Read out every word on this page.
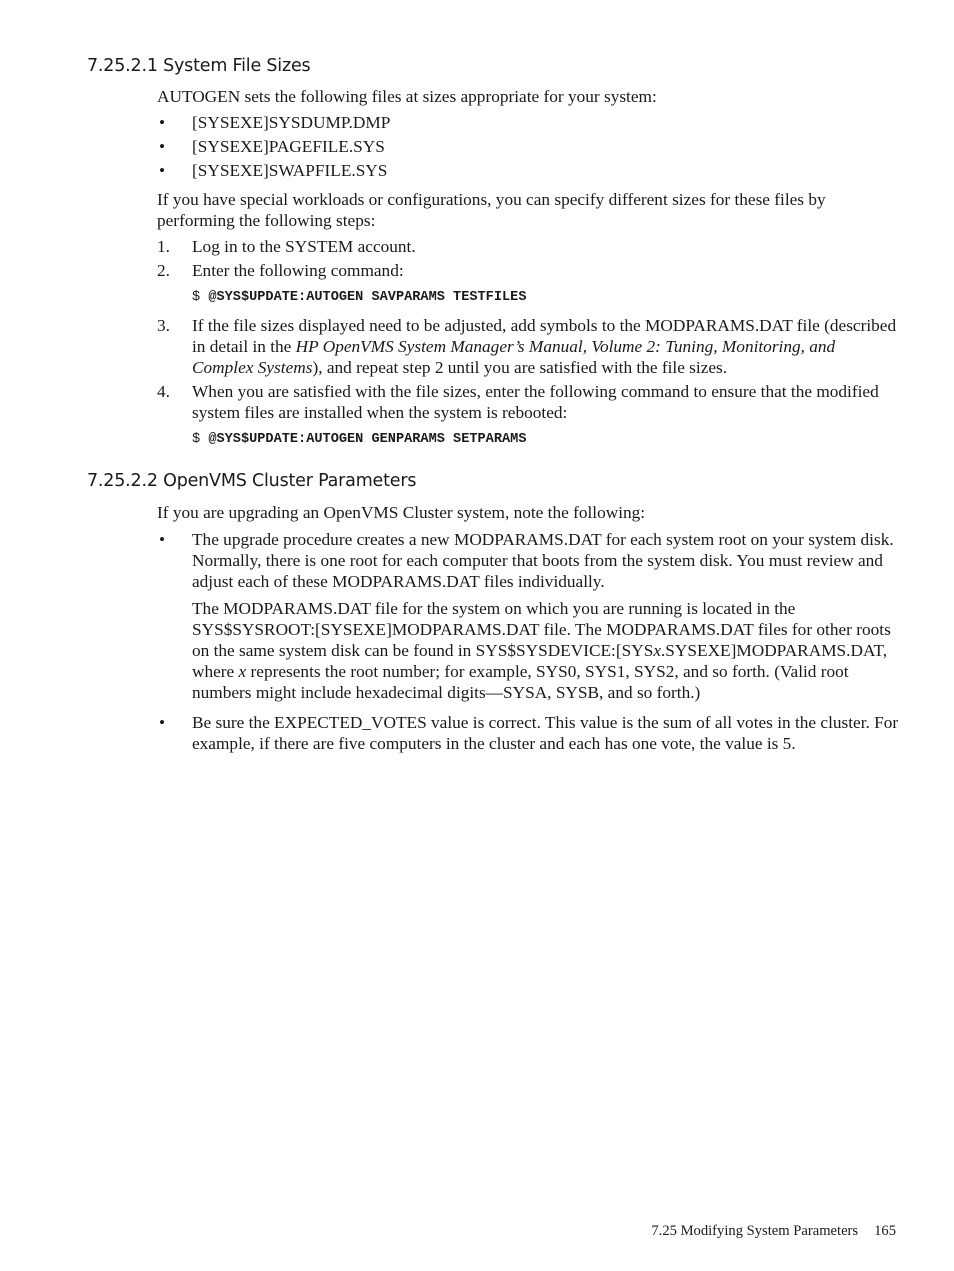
7.25.2.1 System File Sizes

AUTOGEN sets the following files at sizes appropriate for your system:

• [SYSEXE]SYSDUMP.DMP
• [SYSEXE]PAGEFILE.SYS
• [SYSEXE]SWAPFILE.SYS

If you have special workloads or configurations, you can specify different sizes for these files by performing the following steps:

1. Log in to the SYSTEM account.
2. Enter the following command:
$ @SYS$UPDATE:AUTOGEN SAVPARAMS TESTFILES
3. If the file sizes displayed need to be adjusted, add symbols to the MODPARAMS.DAT file (described in detail in the HP OpenVMS System Manager’s Manual, Volume 2: Tuning, Monitoring, and Complex Systems), and repeat step 2 until you are satisfied with the file sizes.
4. When you are satisfied with the file sizes, enter the following command to ensure that the modified system files are installed when the system is rebooted:
$ @SYS$UPDATE:AUTOGEN GENPARAMS SETPARAMS
7.25.2.2 OpenVMS Cluster Parameters

If you are upgrading an OpenVMS Cluster system, note the following:

• The upgrade procedure creates a new MODPARAMS.DAT for each system root on your system disk. Normally, there is one root for each computer that boots from the system disk. You must review and adjust each of these MODPARAMS.DAT files individually.
The MODPARAMS.DAT file for the system on which you are running is located in the SYS$SYSROOT:[SYSEXE]MODPARAMS.DAT file. The MODPARAMS.DAT files for other roots on the same system disk can be found in SYS$SYSDEVICE:[SYSx.SYSEXE]MODPARAMS.DAT, where x represents the root number; for example, SYS0, SYS1, SYS2, and so forth. (Valid root numbers might include hexadecimal digits—SYSA, SYSB, and so forth.)
• Be sure the EXPECTED_VOTES value is correct. This value is the sum of all votes in the cluster. For example, if there are five computers in the cluster and each has one vote, the value is 5.
7.25 Modifying System Parameters 165
